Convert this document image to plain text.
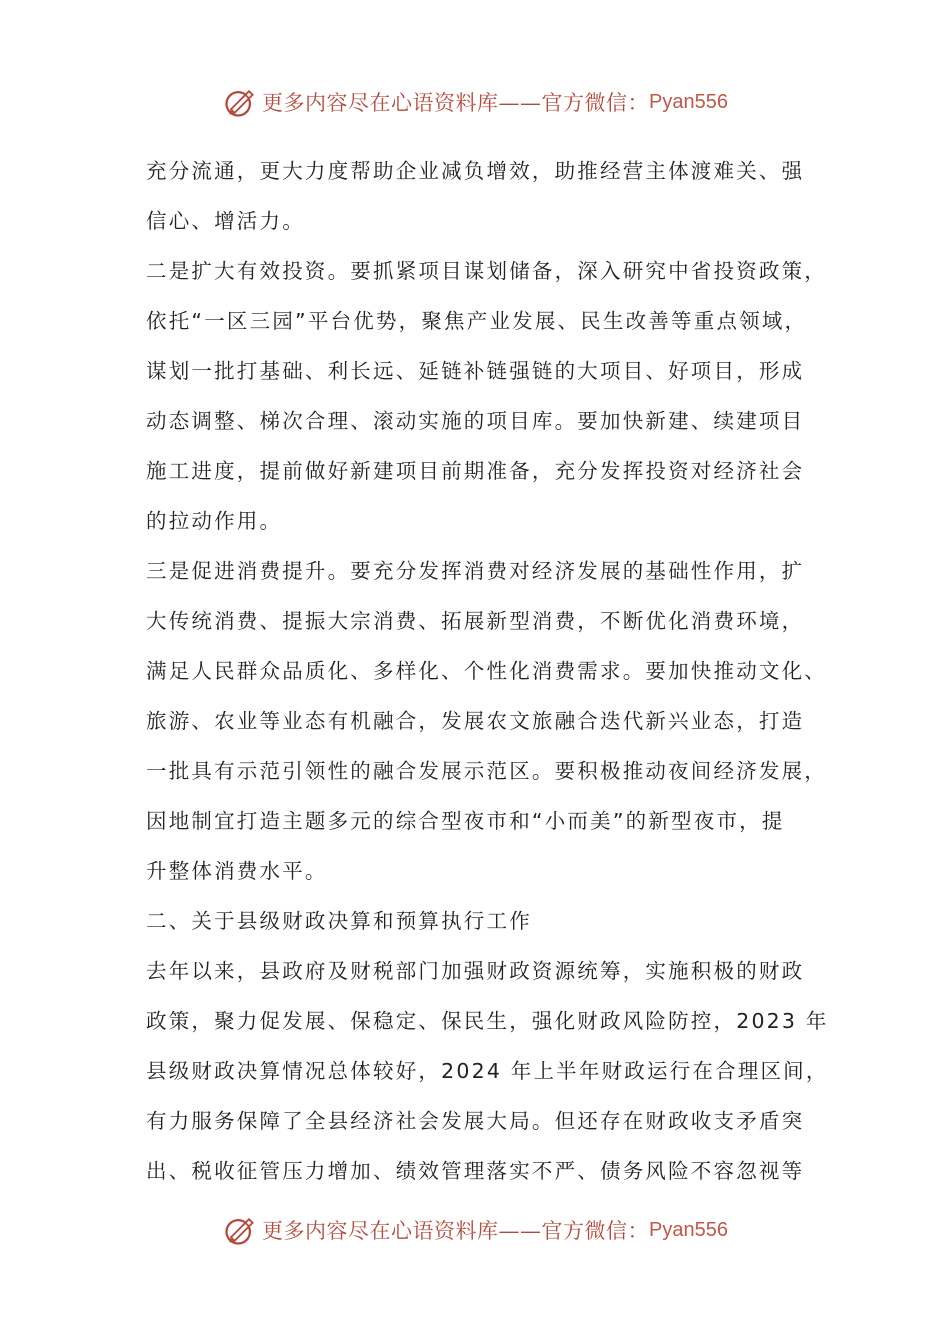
更多内容尽在心语资料库——官方微信： Pyan556
充分流通，更大力度帮助企业减负增效，助推经营主体渡难关、强
信心、增活力。
二是扩大有效投资。要抓紧项目谋划储备，深入研究中省投资政策，
依托“一区三园”平台优势，聚焦产业发展、民生改善等重点领域，
谋划一批打基础、利长远、延链补链强链的大项目、好项目，形成
动态调整、梯次合理、滚动实施的项目库。要加快新建、续建项目
施工进度，提前做好新建项目前期准备，充分发挥投资对经济社会
的拉动作用。
三是促进消费提升。要充分发挥消费对经济发展的基础性作用，扩
大传统消费、提振大宗消费、拓展新型消费，不断优化消费环境，
满足人民群众品质化、多样化、个性化消费需求。要加快推动文化、
旅游、农业等业态有机融合，发展农文旅融合迭代新兴业态，打造
一批具有示范引领性的融合发展示范区。要积极推动夜间经济发展，
因地制宜打造主题多元的综合型夜市和“小而美”的新型夜市，提
升整体消费水平。
二、关于县级财政决算和预算执行工作
去年以来，县政府及财税部门加强财政资源统筹，实施积极的财政
政策，聚力促发展、保稳定、保民生，强化财政风险防控，2023 年
县级财政决算情况总体较好，2024 年上半年财政运行在合理区间，
有力服务保障了全县经济社会发展大局。但还存在财政收支矛盾突
出、税收征管压力增加、绩效管理落实不严、债务风险不容忽视等
更多内容尽在心语资料库——官方微信： Pyan556
